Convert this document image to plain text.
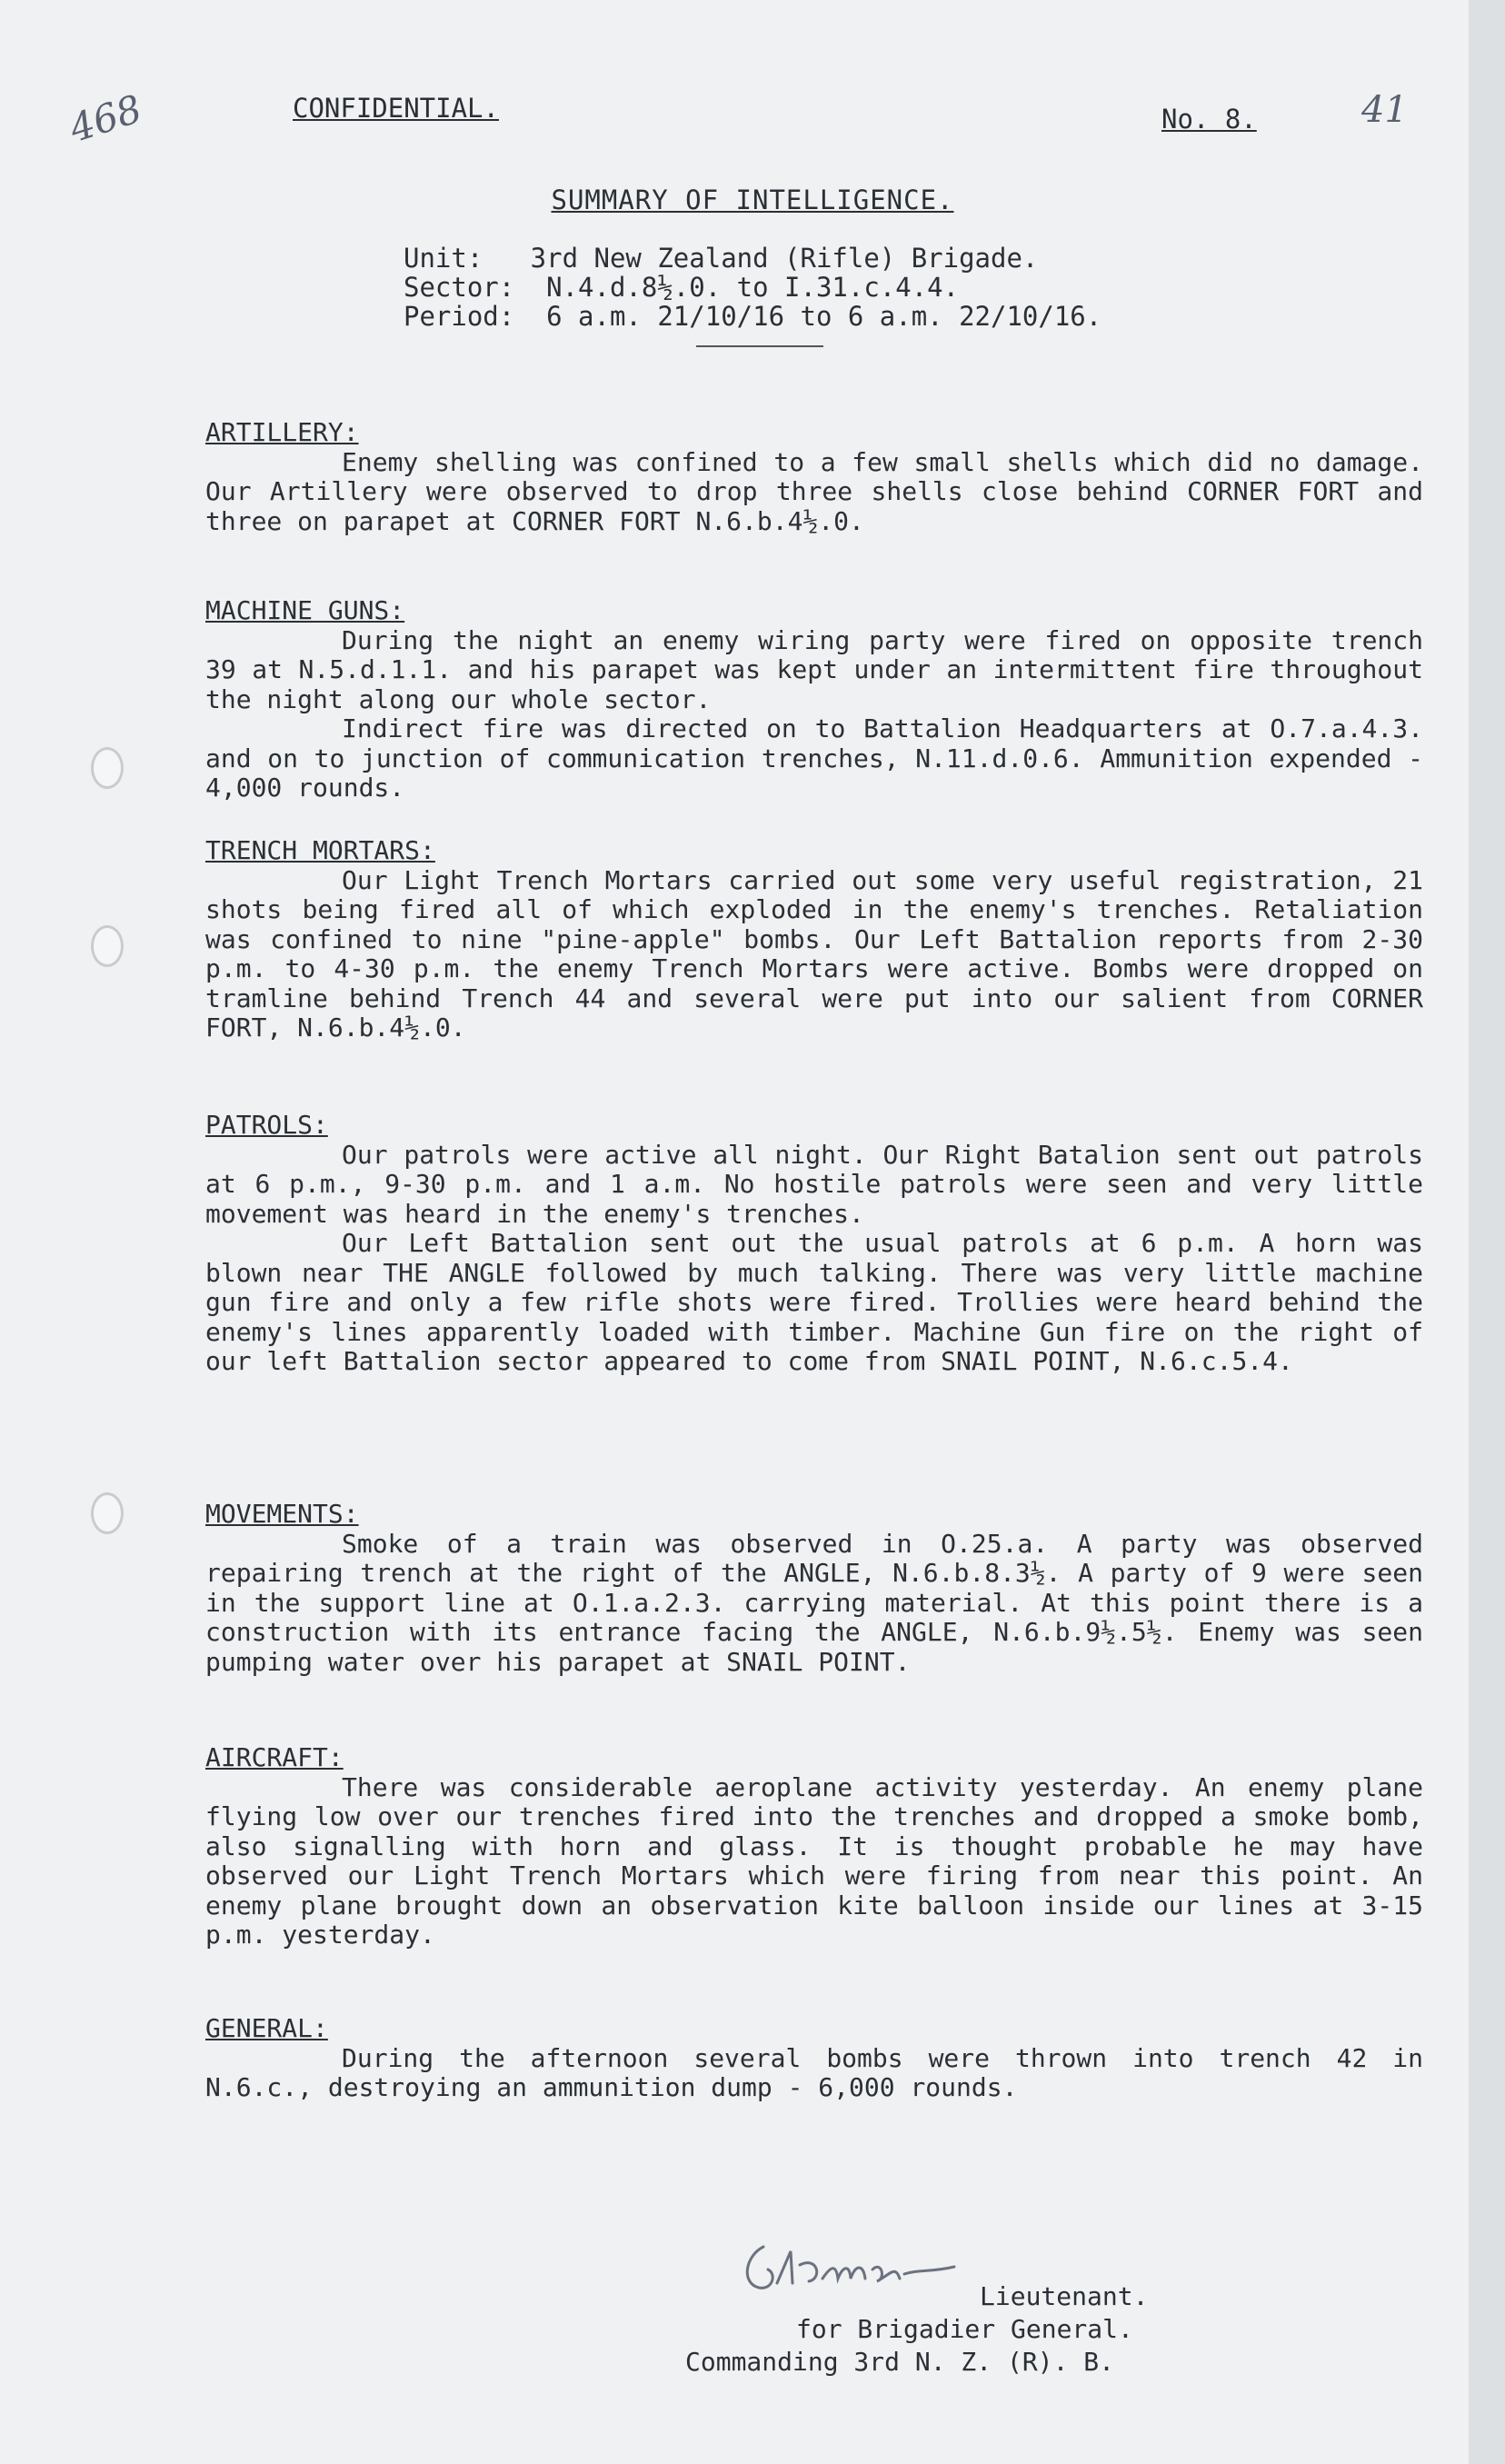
468	41
CONFIDENTIAL.	No. 8.
SUMMARY OF INTELLIGENCE.
Unit:   3rd New Zealand (Rifle) Brigade.
Sector:  N.4.d.8½.0. to I.31.c.4.4.
Period:  6 a.m. 21/10/16 to 6 a.m. 22/10/16.
ARTILLERY:
Enemy shelling was confined to a few small shells which did no damage. Our Artillery were observed to drop three shells close behind CORNER FORT and three on parapet at CORNER FORT N.6.b.4½.0.
MACHINE GUNS:
During the night an enemy wiring party were fired on opposite trench 39 at N.5.d.1.1. and his parapet was kept under an intermittent fire throughout the night along our whole sector.
Indirect fire was directed on to Battalion Headquarters at O.7.a.4.3. and on to junction of communication trenches, N.11.d.0.6. Ammunition expended - 4,000 rounds.
TRENCH MORTARS:
Our Light Trench Mortars carried out some very useful registration, 21 shots being fired all of which exploded in the enemy's trenches. Retaliation was confined to nine "pine-apple" bombs. Our Left Battalion reports from 2-30 p.m. to 4-30 p.m. the enemy Trench Mortars were active. Bombs were dropped on tramline behind Trench 44 and several were put into our salient from CORNER FORT, N.6.b.4½.0.
PATROLS:
Our patrols were active all night. Our Right Batalion sent out patrols at 6 p.m., 9-30 p.m. and 1 a.m. No hostile patrols were seen and very little movement was heard in the enemy's trenches.
Our Left Battalion sent out the usual patrols at 6 p.m. A horn was blown near THE ANGLE followed by much talking. There was very little machine gun fire and only a few rifle shots were fired. Trollies were heard behind the enemy's lines apparently loaded with timber. Machine Gun fire on the right of our left Battalion sector appeared to come from SNAIL POINT, N.6.c.5.4.
MOVEMENTS:
Smoke of a train was observed in O.25.a. A party was observed repairing trench at the right of the ANGLE, N.6.b.8.3½. A party of 9 were seen in the support line at O.1.a.2.3. carrying material. At this point there is a construction with its entrance facing the ANGLE, N.6.b.9½.5½. Enemy was seen pumping water over his parapet at SNAIL POINT.
AIRCRAFT:
There was considerable aeroplane activity yesterday. An enemy plane flying low over our trenches fired into the trenches and dropped a smoke bomb, also signalling with horn and glass. It is thought probable he may have observed our Light Trench Mortars which were firing from near this point. An enemy plane brought down an observation kite balloon inside our lines at 3-15 p.m. yesterday.
GENERAL:
During the afternoon several bombs were thrown into trench 42 in N.6.c., destroying an ammunition dump - 6,000 rounds.
Lieutenant.
for Brigadier General.
Commanding 3rd N. Z. (R). B.
